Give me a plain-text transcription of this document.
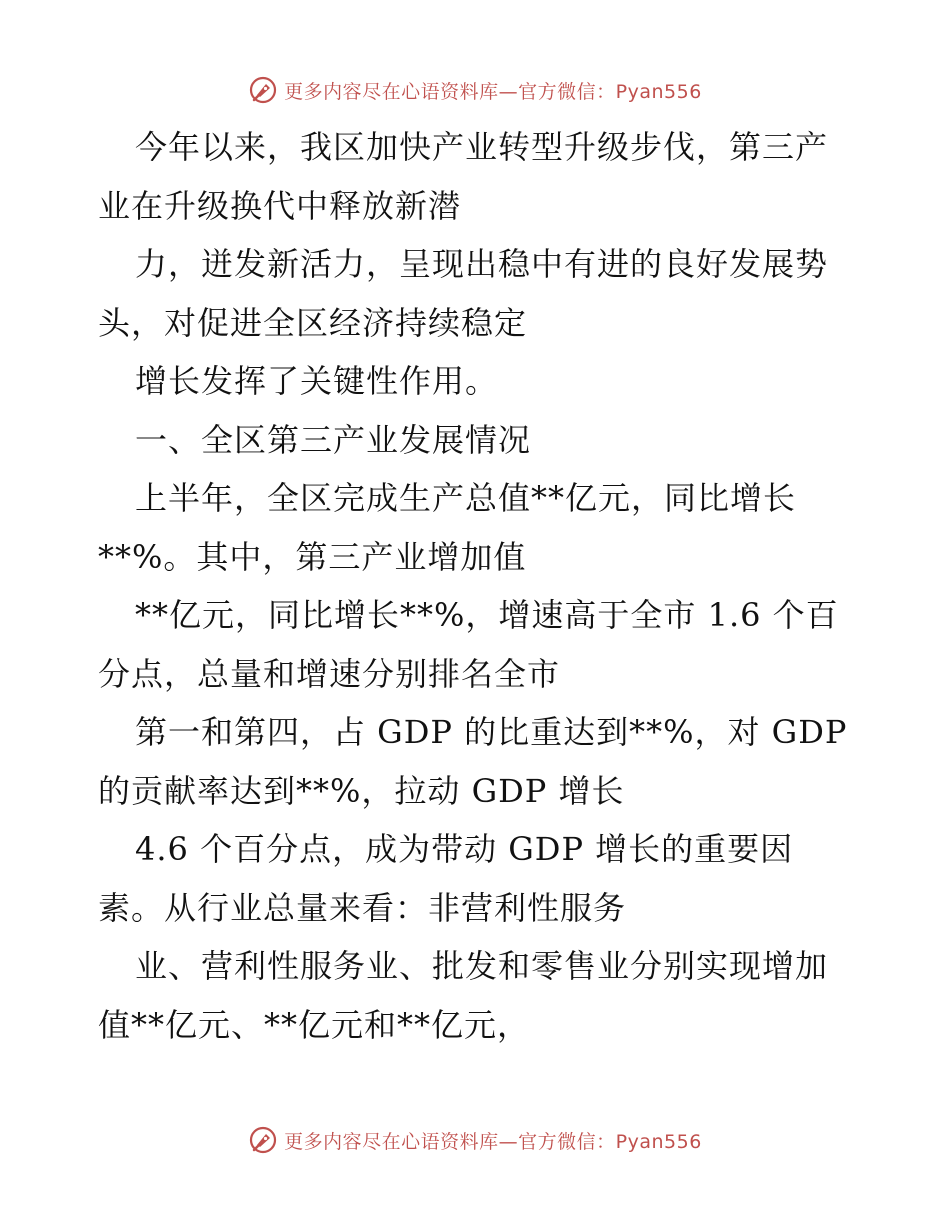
更多内容尽在心语资料库—官方微信：Pyan556
今年以来，我区加快产业转型升级步伐，第三产
业在升级换代中释放新潜
力，迸发新活力，呈现出稳中有进的良好发展势
头，对促进全区经济持续稳定
增长发挥了关键性作用。
一、全区第三产业发展情况
上半年，全区完成生产总值**亿元，同比增长
**%。其中，第三产业增加值
**亿元，同比增长**%，增速高于全市 1.6 个百
分点，总量和增速分别排名全市
第一和第四，占 GDP 的比重达到**%，对 GDP
的贡献率达到**%，拉动 GDP 增长
4.6 个百分点，成为带动 GDP 增长的重要因
素。从行业总量来看：非营利性服务
业、营利性服务业、批发和零售业分别实现增加
值**亿元、**亿元和**亿元，
更多内容尽在心语资料库—官方微信：Pyan556
